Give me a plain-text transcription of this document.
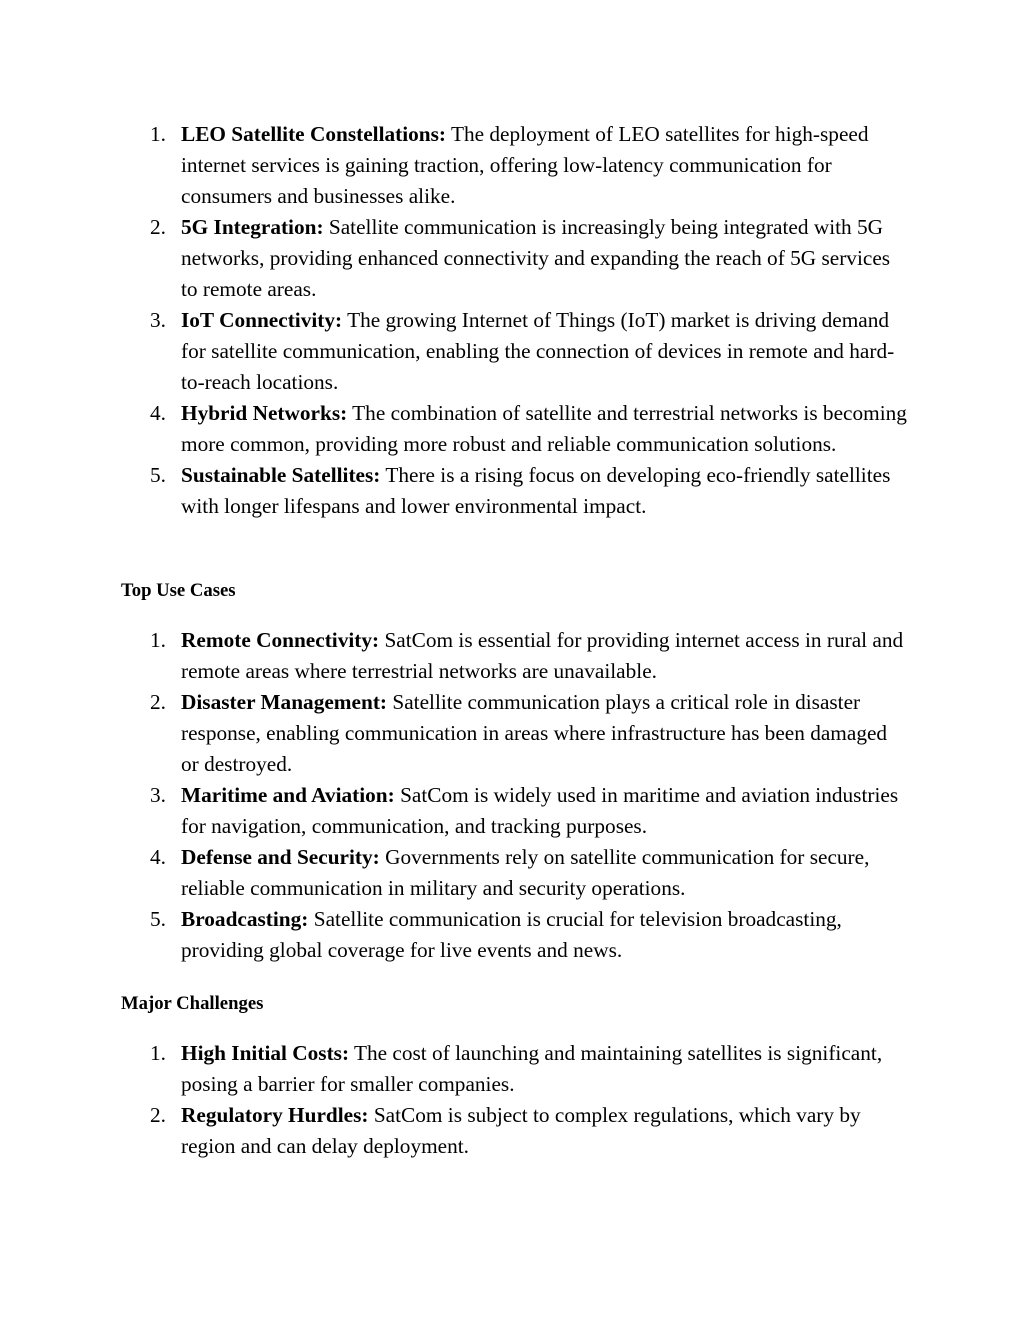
1. LEO Satellite Constellations: The deployment of LEO satellites for high-speed internet services is gaining traction, offering low-latency communication for consumers and businesses alike.
2. 5G Integration: Satellite communication is increasingly being integrated with 5G networks, providing enhanced connectivity and expanding the reach of 5G services to remote areas.
3. IoT Connectivity: The growing Internet of Things (IoT) market is driving demand for satellite communication, enabling the connection of devices in remote and hard-to-reach locations.
4. Hybrid Networks: The combination of satellite and terrestrial networks is becoming more common, providing more robust and reliable communication solutions.
5. Sustainable Satellites: There is a rising focus on developing eco-friendly satellites with longer lifespans and lower environmental impact.
Top Use Cases
1. Remote Connectivity: SatCom is essential for providing internet access in rural and remote areas where terrestrial networks are unavailable.
2. Disaster Management: Satellite communication plays a critical role in disaster response, enabling communication in areas where infrastructure has been damaged or destroyed.
3. Maritime and Aviation: SatCom is widely used in maritime and aviation industries for navigation, communication, and tracking purposes.
4. Defense and Security: Governments rely on satellite communication for secure, reliable communication in military and security operations.
5. Broadcasting: Satellite communication is crucial for television broadcasting, providing global coverage for live events and news.
Major Challenges
1. High Initial Costs: The cost of launching and maintaining satellites is significant, posing a barrier for smaller companies.
2. Regulatory Hurdles: SatCom is subject to complex regulations, which vary by region and can delay deployment.
